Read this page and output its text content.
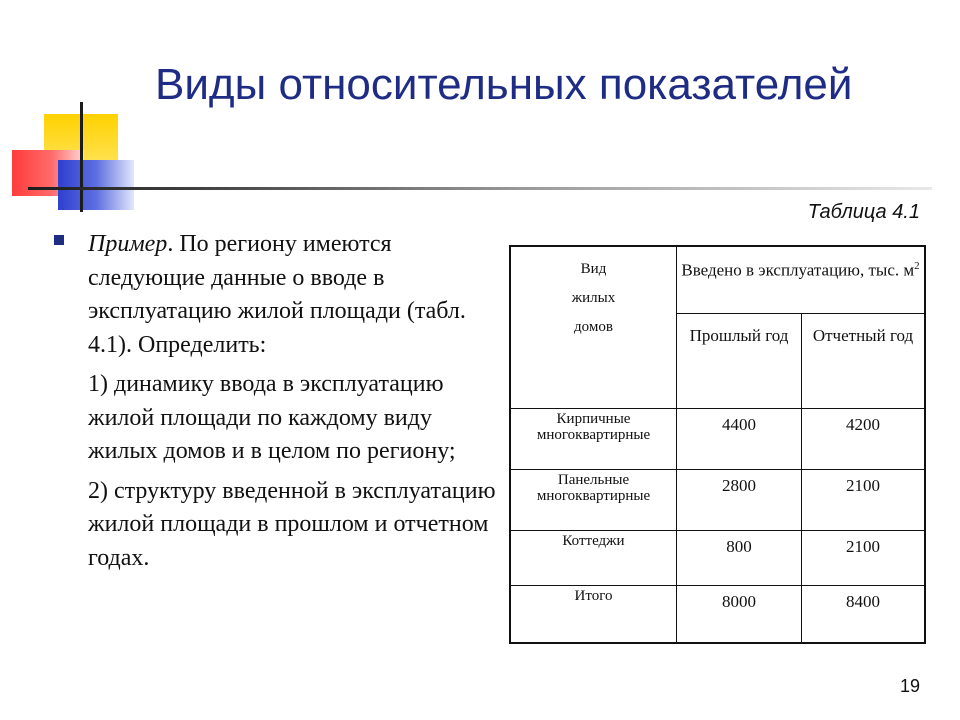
Виды относительных показателей
Таблица 4.1

Пример. По региону имеются следующие данные о вводе в эксплуатацию жилой площади (табл. 4.1). Определить:

1) динамику ввода в эксплуатацию жилой площади по каждому виду жилых домов и в целом по региону;

2) структуру введенной в эксплуатацию жилой площади в прошлом и отчетном годах.

Вид
жилых
домов	Введено в эксплуатацию, тыс. $м^2$
	Прошлый год	Отчетный год
Кирпичные многоквартирные	4400	4200
Панельные многоквартирные	2800	2100
Коттеджи	800	2100
Итого	8000	8400
19
